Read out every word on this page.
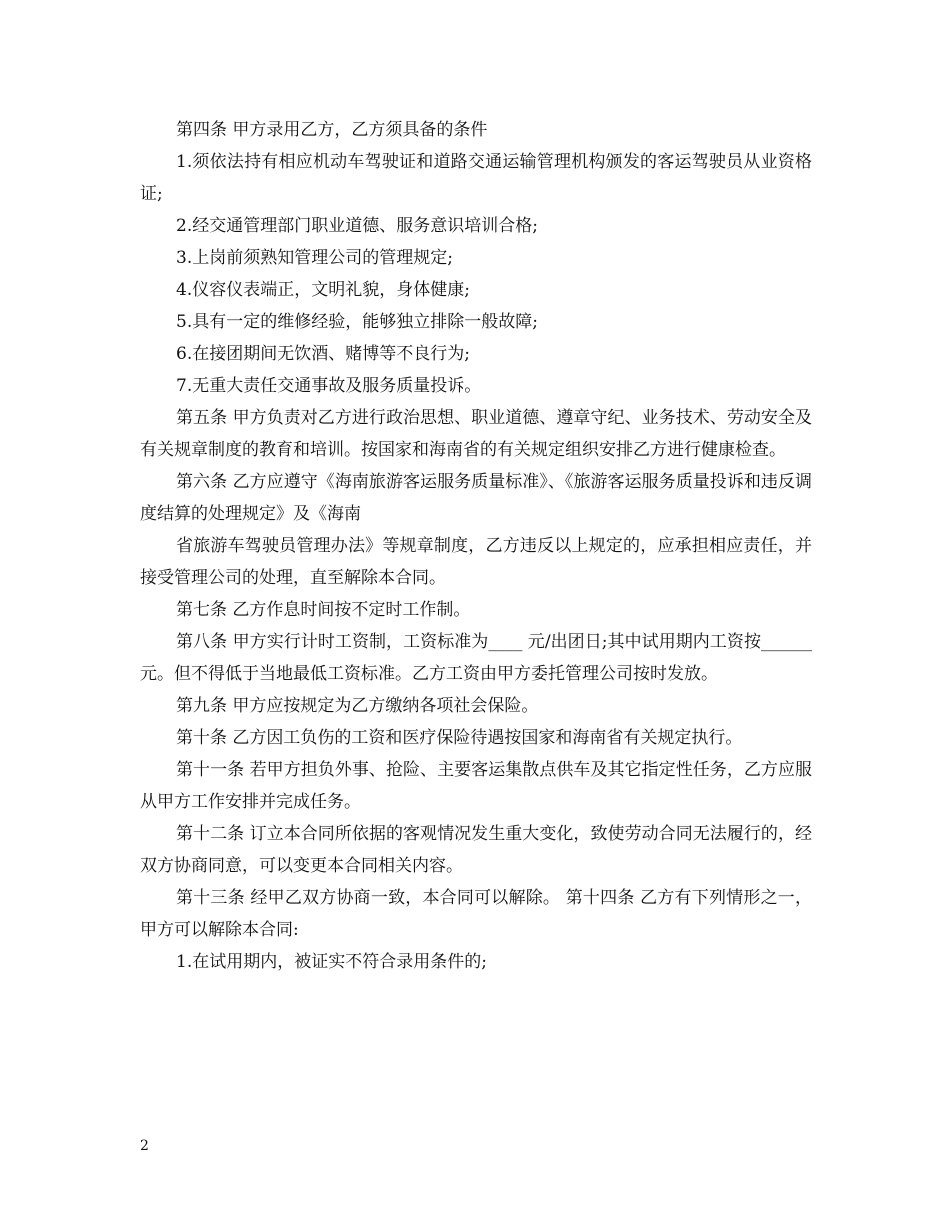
第四条 甲方录用乙方，乙方须具备的条件

1.须依法持有相应机动车驾驶证和道路交通运输管理机构颁发的客运驾驶员从业资格证;

2.经交通管理部门职业道德、服务意识培训合格;

3.上岗前须熟知管理公司的管理规定;

4.仪容仪表端正，文明礼貌，身体健康;

5.具有一定的维修经验，能够独立排除一般故障;

6.在接团期间无饮酒、赌博等不良行为;

7.无重大责任交通事故及服务质量投诉。

第五条 甲方负责对乙方进行政治思想、职业道德、遵章守纪、业务技术、劳动安全及有关规章制度的教育和培训。按国家和海南省的有关规定组织安排乙方进行健康检查。

第六条 乙方应遵守《海南旅游客运服务质量标准》、《旅游客运服务质量投诉和违反调度结算的处理规定》及《海南

省旅游车驾驶员管理办法》等规章制度，乙方违反以上规定的，应承担相应责任，并接受管理公司的处理，直至解除本合同。

第七条 乙方作息时间按不定时工作制。

第八条 甲方实行计时工资制，工资标准为____ 元/出团日;其中试用期内工资按______元。但不得低于当地最低工资标准。乙方工资由甲方委托管理公司按时发放。

第九条 甲方应按规定为乙方缴纳各项社会保险。

第十条 乙方因工负伤的工资和医疗保险待遇按国家和海南省有关规定执行。

第十一条 若甲方担负外事、抢险、主要客运集散点供车及其它指定性任务，乙方应服从甲方工作安排并完成任务。

第十二条 订立本合同所依据的客观情况发生重大变化，致使劳动合同无法履行的，经双方协商同意，可以变更本合同相关内容。

第十三条 经甲乙双方协商一致，本合同可以解除。 第十四条 乙方有下列情形之一，甲方可以解除本合同:

1.在试用期内，被证实不符合录用条件的;

2
